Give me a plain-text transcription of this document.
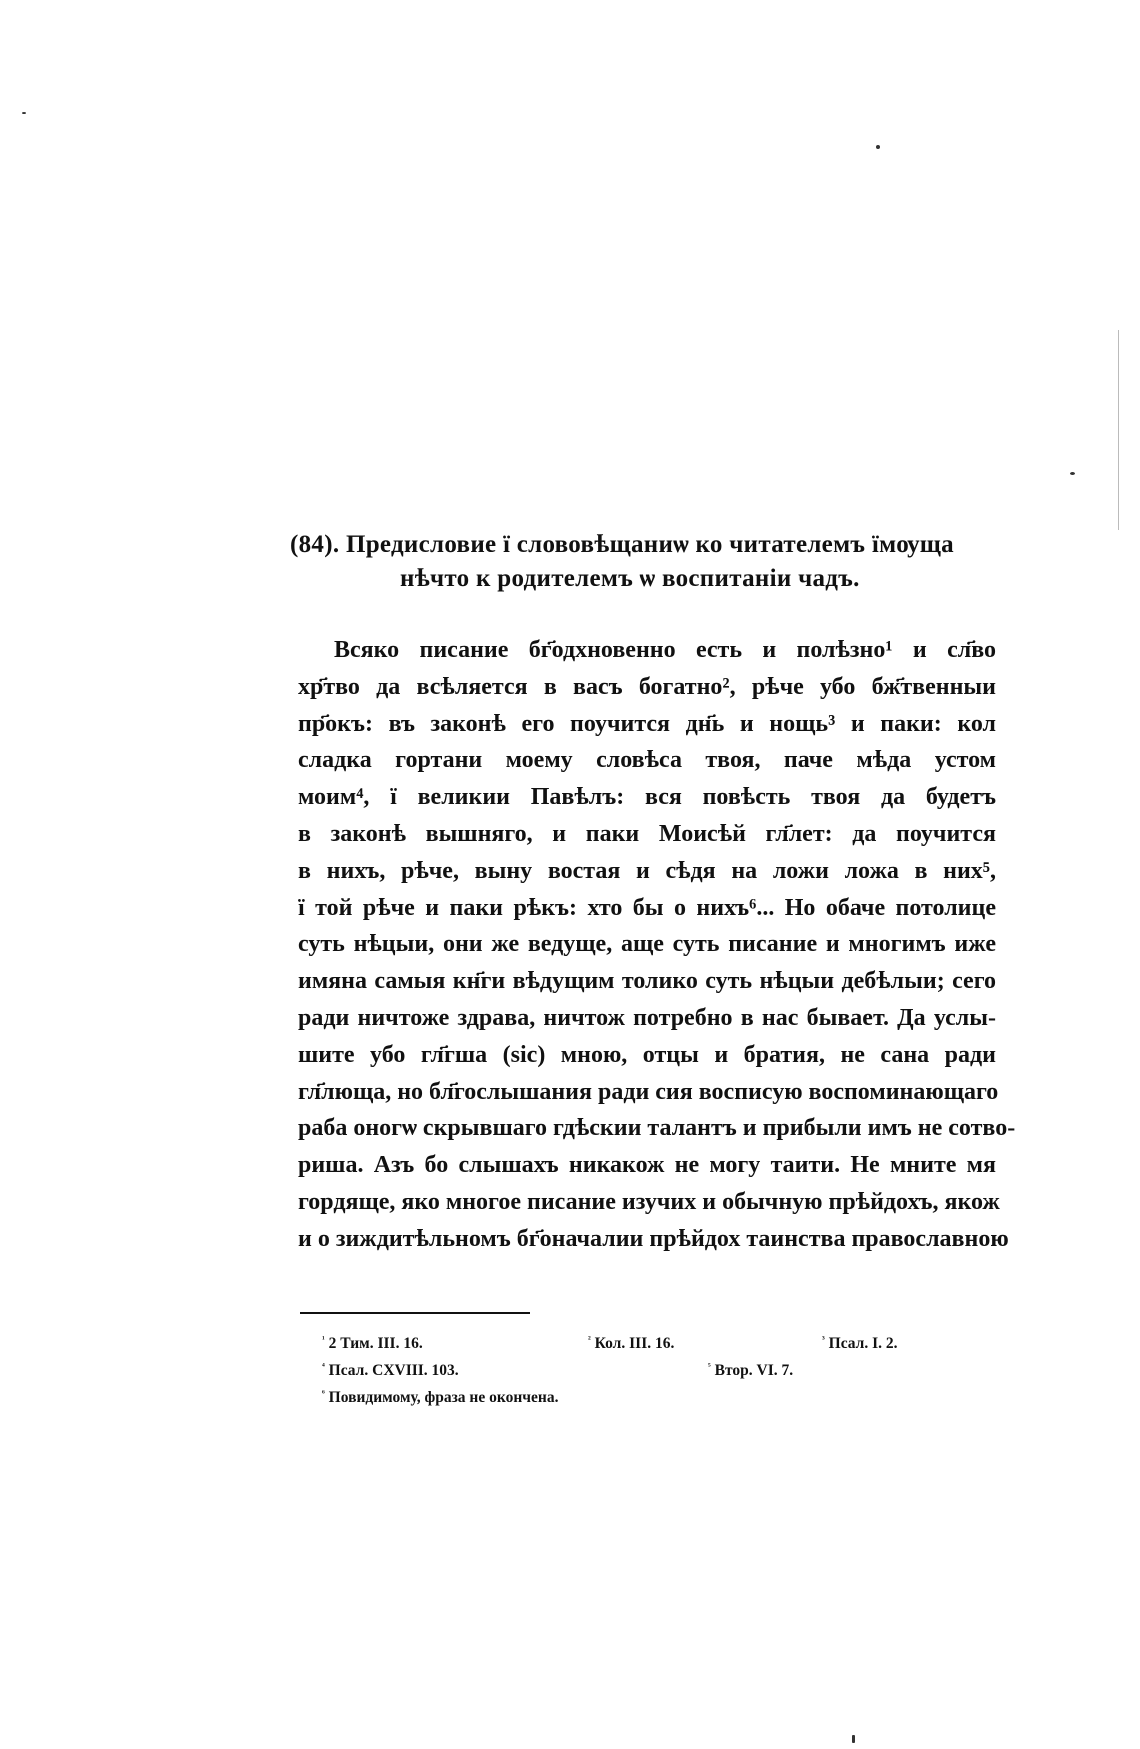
(84). Предисловие ї слововѣщаниѡ ко читателемъ їмѹща
нѣчто к родителемъ ѡ воспитанiи чадъ.
Всяко писание бг҃одхновенно есть и полѣзно¹ и сл҃во
хр҃тво да всѣляется в васъ богатно², рѣче убо бж҃твенныи
пр҃окъ: въ законѣ его поучится дн҃ь и нощь³ и паки: кол
сладка гортани моему словѣса твоя, паче мѣда устом
моим⁴, ї великии Павѣлъ: вся повѣсть твоя да будетъ
в законѣ вышняго, и паки Моисѣй гл҃лет: да поучится
в нихъ, рѣче, выну востая и сѣдя на ложи ложа в них⁵,
ї той рѣче и паки рѣкъ: хто бы о нихъ⁶... Но обаче потолице
суть нѣцыи, они же ведуще, аще суть писание и многимъ иже
имяна самыя кн҃ги вѣдущим толико суть нѣцыи дебѣлыи; сего
ради ничтоже здрава, ничтож потребно в нас бывает. Да услы-
шите убо гл҃гша (sic) мною, отцы и братия, не сана ради
гл҃люща, но бл҃гослышания ради сия восписую воспоминающаго
раба оногѡ скрывшаго гдѣскии талантъ и прибыли имъ не сотво-
риша. Азъ бо слышахъ никакож не могу таити. Не мните мя
гордяще, яко многое писание изучих и обычную прѣйдохъ, якож
и о зиждитѣльномъ бг҃оначалии прѣйдох таинства православною
$^{^1}$ 2 Тим. III. 16.	$^{^2}$ Кол. III. 16.	$^{^3}$ Псал. I. 2.
$^{^4}$ Псал. CXVIII. 103.	$^{^5}$ Втор. VI. 7.
$^{^6}$ Повидимому, фраза не окончена.
